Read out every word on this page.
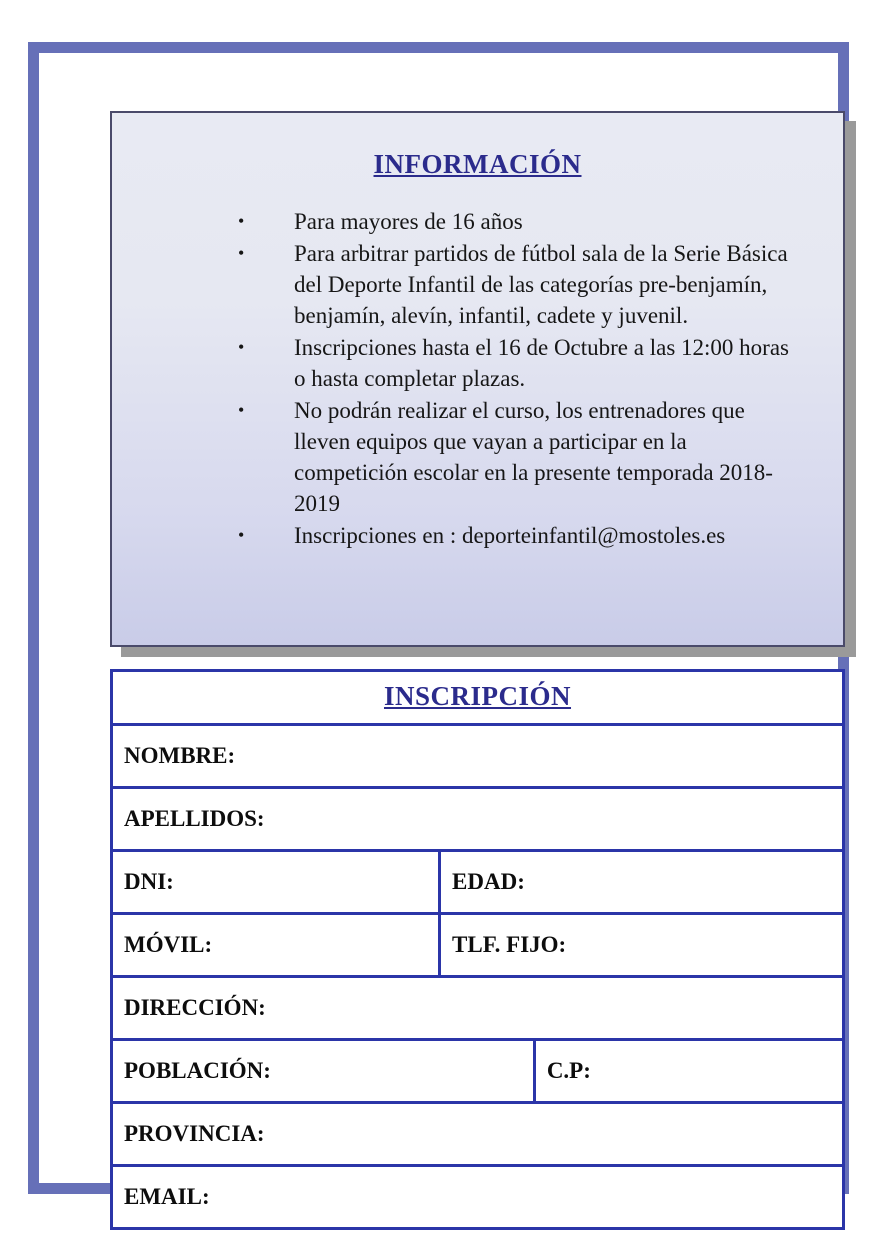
INFORMACIÓN
• Para mayores de 16 años
• Para arbitrar partidos de fútbol sala de la Serie Básica del Deporte Infantil de las categorías pre-benjamín, benjamín, alevín, infantil, cadete y juvenil.
• Inscripciones hasta el 16 de Octubre a las 12:00 horas o hasta completar plazas.
• No podrán realizar el curso, los entrenadores que lleven equipos que vayan a participar en la competición escolar en la presente temporada 2018-2019
• Inscripciones en : deporteinfantil@mostoles.es
INSCRIPCIÓN
NOMBRE:
APELLIDOS:
DNI:	EDAD:
MÓVIL:	TLF. FIJO:
DIRECCIÓN:
POBLACIÓN:	C.P:
PROVINCIA:
EMAIL:
